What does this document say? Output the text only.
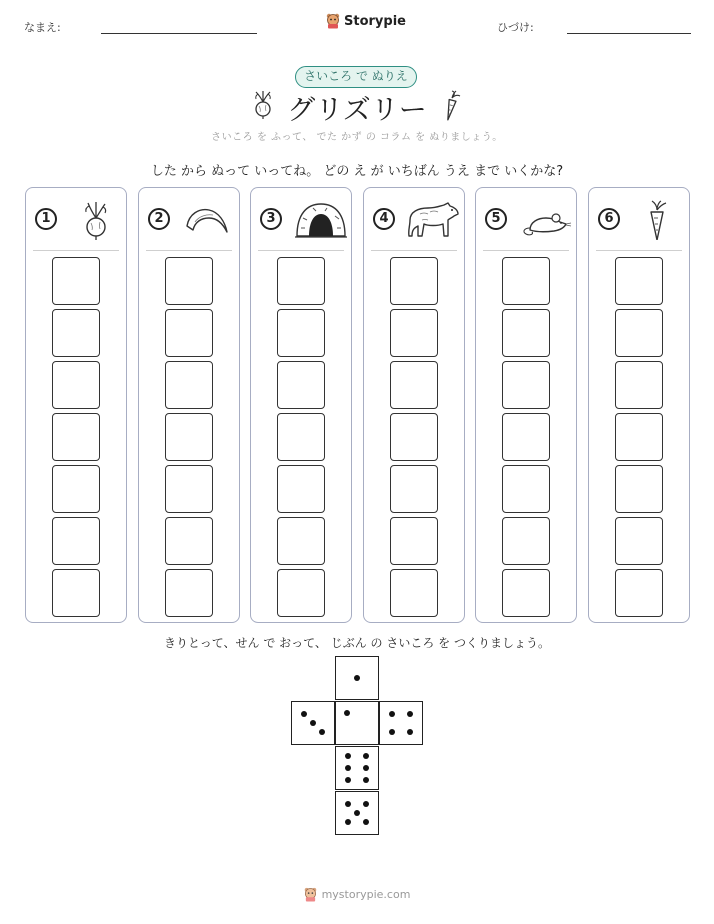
なまえ:	Storypie	ひづけ:
さいころ で ぬりえ
グリズリー
さいころ を ふって、 でた かず の コラム を ぬりましょう。
した から ぬって いってね。 どの え が いちばん うえ まで いくかな?
1	2	3	4	5	6
きりとって、せん で おって、 じぶん の さいころ を つくりましょう。
mystorypie.com
